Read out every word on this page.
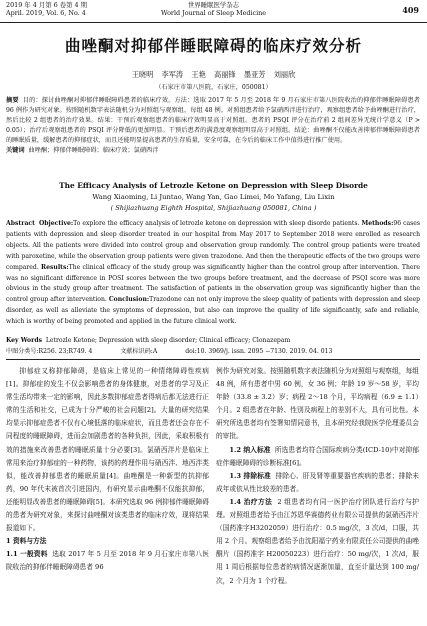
2019 年 4 月第 6 卷第 4 期
April. 2019, Vol. 6, No. 4
世界睡眠医学杂志
World Journal of Sleep Medicine	409
曲唑酮对抑郁伴睡眠障碍的临床疗效分析
王晓明 李军涛 王艳 高丽锋 墨亚芳 刘丽欣
（石家庄市第八医院，石家庄，050081）
摘要 目的：探讨曲唑酮对抑郁伴睡眠障碍患者的临床疗效。方法：选取 2017 年 5 月至 2018 年 9 月石家庄市第八医院收治的抑郁伴睡眠障碍患者 96 例作为研究对象。按照随机数字表法随机分为对照组与观察组，每组 48 例。对照组患者给予氯硝西泮进行治疗，观察组患者给予曲唑酮进行治疗，然后比较 2 组患者的治疗效果。结果：干预后观察组患者的临床疗效明显高于对照组。患者的 PSQI 评分在治疗前 2 组间差异无统计学意义（P > 0.05）；治疗后观察组患者的 PSQI 评分降低的更加明显。干预后患者的满意度观察组明显高于对照组。结论：曲唑酮不仅能改善抑郁伴睡眠障碍患者的睡眠质量，缓解患者的抑郁症状，而且还能明显提高患者的生存质量，安全可靠，在今后的临床工作中值得进行推广使用。
关键词 曲唑酮；抑郁伴睡眠障碍；临床疗效；氯硝西泮
The Efficacy Analysis of Letrozle Ketone on Depression with Sleep Disorde
Wang Xiaoming, Li Juntao, Wang Yan, Gao Limei, Mo Yafang, Liu Lixin
( Shijiazhuang Eighth Hospital, Shijiazhuang 050081, China )
Abstract Objective:To explore the efficacy analysis of letrozle ketone on depression with sleep disorde patients. Methods:96 cases patients with depression and sleep disorder treated in our hospital from May 2017 to September 2018 were enrolled as research objects. All the patients were divided into control group and observation group randomly. The control group patients were treated with paroxetine, while the observation group patients were given trazodone. And then the therapeutic effects of the two groups were compared. Results:The clinical efficacy of the study group was significantly higher than the control group after intervention. There was no significant difference in POSI scores between the two groups before treatment, and the decrease of PSQI score was more obvious in the study group after treatment. The satisfaction of patients in the observation group was significantly higher than the control group after intervention. Conclusion:Trazodone can not only improve the sleep quality of patients with depression and sleep disorder, as well as alleviate the symptoms of depression, but also can improve the quality of life significantly, safe and reliable, which is worthy of being promoted and applied in the future clinical work.
Key Words Letrozle Ketone; Depression with sleep disorder; Clinical efficacy; Clonazepam
中图分类号:R256. 23;R749. 4	文献标识码:A	doi:10. 3969/j. issn. 2095 −7130. 2019. 04. 013

抑郁症又称抑郁障碍，是临床上常见的一种情绪障碍性疾病[1]。抑郁症的发生不仅会影响患者的身体健康，对患者的学习及正常生活均带来一定的影响，因此多数抑郁症患者得病后都无法进行正常的生活和社交，已成为十分严峻的社会问题[2]。大量的研究结果均显示抑郁症患者不仅有心境低落的临床症状，而且患者还会存在不同程度的睡眠障碍，进而会加剧患者的各种负担，因此，采取积极有效的措施来改善患者的睡眠质量十分必要[3]。氯硝西泮片是临床上常用来治疗抑郁症的一种药物，该药的药理作用与硝西泮、地西泮类似，能改善抑郁患者的睡眠质量[4]。曲唑酮是一种新型的抗抑郁药，90 年代末被首次引进国内，有研究显示曲唑酮不仅能抗抑郁，还能明显改善患者的睡眠障碍[5]。本研究选取 96 例抑郁伴睡眠障碍的患者为研究对象，来探讨曲唑酮对该类患者的临床疗效，现将结果报道如下。

1 资料与方法

1.1 一般资料 选取 2017 年 5 月至 2018 年 9 月石家庄市第八医院收治的抑郁伴睡眠障碍患者 96

例作为研究对象。按照随机数字表法随机分为对照组与观察组，每组 48 例，所有患者中男 60 例，女 36 例；年龄 19 岁～58 岁，平均年龄（33.8 ± 3.2）岁；病程 2～18 个月，平均病程（6.9 ± 1.1）个月。2 组患者在年龄、性别及病程上的差别不大，具有可比性。本研究所选患者均有签署知情同意书，且本研究经我院医学伦理委员会的审批。

1.2 纳入标准 所选患者均符合国际疾病分类(ICD-10)中对抑郁症伴睡眠障碍的诊断标准[6]。

1.3 排除标准 排除心、肝及肾等重要器官疾病的患者；排除未成年或依从性比较差的患者。

1.4 治疗方法 2 组患者均有同一医护治疗团队进行治疗与护理。对照组患者给予由江苏恩华赛德药业有限公司提供的氯硝西泮片（国药准字H3202059）进行治疗：0.5 mg/次，3 次/d，口服，共用 2 个月。观察组患者给予由沈阳福宁药业有限责任公司提供的曲唑酮片（国药准字 H20050223）进行治疗：50 mg/次，1 次/d，服用 1 周后根据每位患者的病情况逐渐加量，直至计量达到 100 mg/次，2 个月为 1 个疗程。
